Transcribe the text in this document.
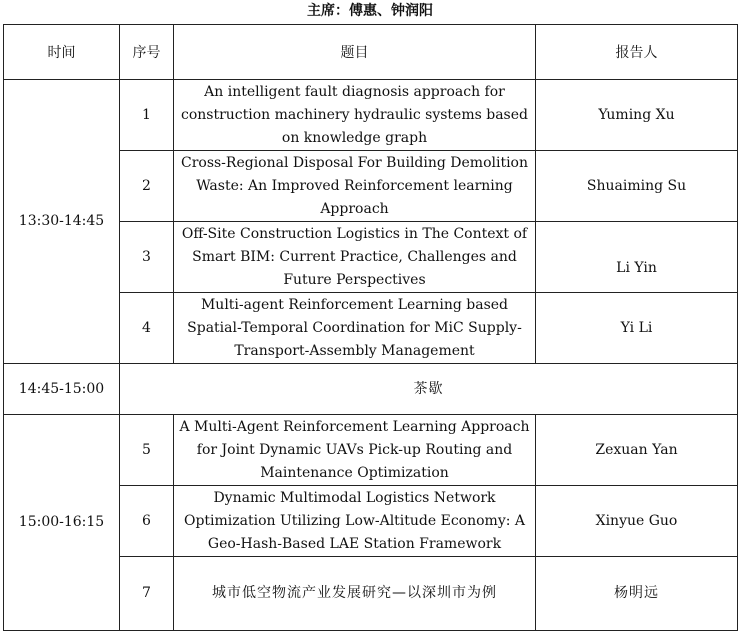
主席：傅惠、钟润阳
时间	序号	题目	报告人
13:30-14:45	1	An intelligent fault diagnosis approach for construction machinery hydraulic systems based on knowledge graph	Yuming Xu
	2	Cross-Regional Disposal For Building Demolition Waste: An Improved Reinforcement learning Approach	Shuaiming Su
	3	Off-Site Construction Logistics in The Context of Smart BIM: Current Practice, Challenges and Future Perspectives	Li Yin
	4	Multi-agent Reinforcement Learning based Spatial-Temporal Coordination for MiC Supply-Transport-Assembly Management	Yi Li
14:45-15:00	茶歇		
15:00-16:15	5	A Multi-Agent Reinforcement Learning Approach for Joint Dynamic UAVs Pick-up Routing and Maintenance Optimization	Zexuan Yan
	6	Dynamic Multimodal Logistics Network Optimization Utilizing Low-Altitude Economy: A Geo-Hash-Based LAE Station Framework	Xinyue Guo
	7	城市低空物流产业发展研究—以深圳市为例	杨明远
